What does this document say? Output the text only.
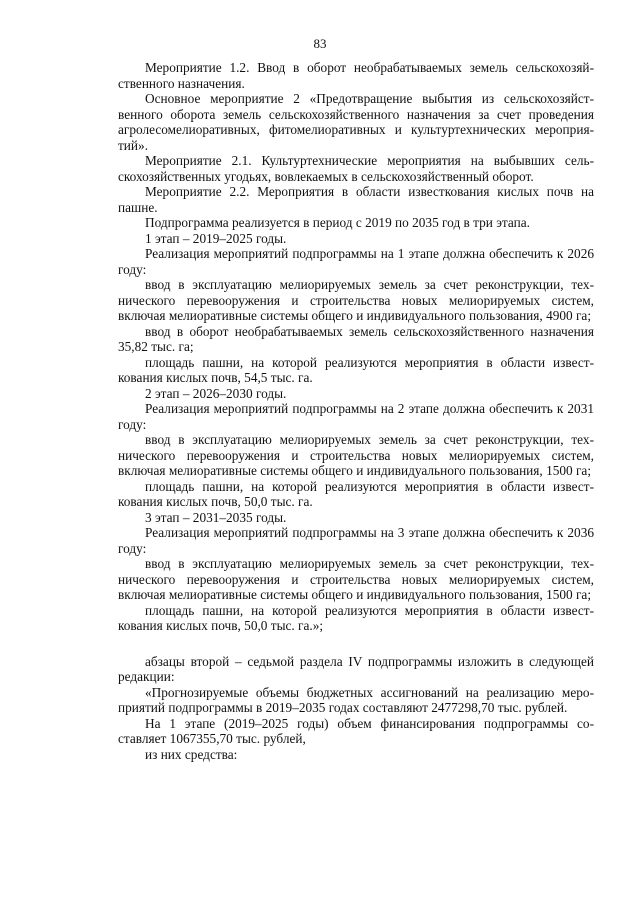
83

Мероприятие 1.2. Ввод в оборот необрабатываемых земель сельскохозяйственного назначения.

Основное мероприятие 2 «Предотвращение выбытия из сельскохозяйственного оборота земель сельскохозяйственного назначения за счет проведения агролесомелиоративных, фитомелиоративных и культуртехнических мероприятий».

Мероприятие 2.1. Культуртехнические мероприятия на выбывших сельскохозяйственных угодьях, вовлекаемых в сельскохозяйственный оборот.

Мероприятие 2.2. Мероприятия в области известкования кислых почв на пашне.

Подпрограмма реализуется в период с 2019 по 2035 год в три этапа.

1 этап – 2019–2025 годы.

Реализация мероприятий подпрограммы на 1 этапе должна обеспечить к 2026 году:

ввод в эксплуатацию мелиорируемых земель за счет реконструкции, технического перевооружения и строительства новых мелиорируемых систем, включая мелиоративные системы общего и индивидуального пользования, 4900 га;

ввод в оборот необрабатываемых земель сельскохозяйственного назначения 35,82 тыс. га;

площадь пашни, на которой реализуются мероприятия в области известкования кислых почв, 54,5 тыс. га.

2 этап – 2026–2030 годы.

Реализация мероприятий подпрограммы на 2 этапе должна обеспечить к 2031 году:

ввод в эксплуатацию мелиорируемых земель за счет реконструкции, технического перевооружения и строительства новых мелиорируемых систем, включая мелиоративные системы общего и индивидуального пользования, 1500 га;

площадь пашни, на которой реализуются мероприятия в области известкования кислых почв, 50,0 тыс. га.

3 этап – 2031–2035 годы.

Реализация мероприятий подпрограммы на 3 этапе должна обеспечить к 2036 году:

ввод в эксплуатацию мелиорируемых земель за счет реконструкции, технического перевооружения и строительства новых мелиорируемых систем, включая мелиоративные системы общего и индивидуального пользования, 1500 га;

площадь пашни, на которой реализуются мероприятия в области известкования кислых почв, 50,0 тыс. га.»;

абзацы второй – седьмой раздела IV подпрограммы изложить в следующей редакции:

«Прогнозируемые объемы бюджетных ассигнований на реализацию мероприятий подпрограммы в 2019–2035 годах составляют 2477298,70 тыс. рублей.

На 1 этапе (2019–2025 годы) объем финансирования подпрограммы составляет 1067355,70 тыс. рублей,

из них средства:
